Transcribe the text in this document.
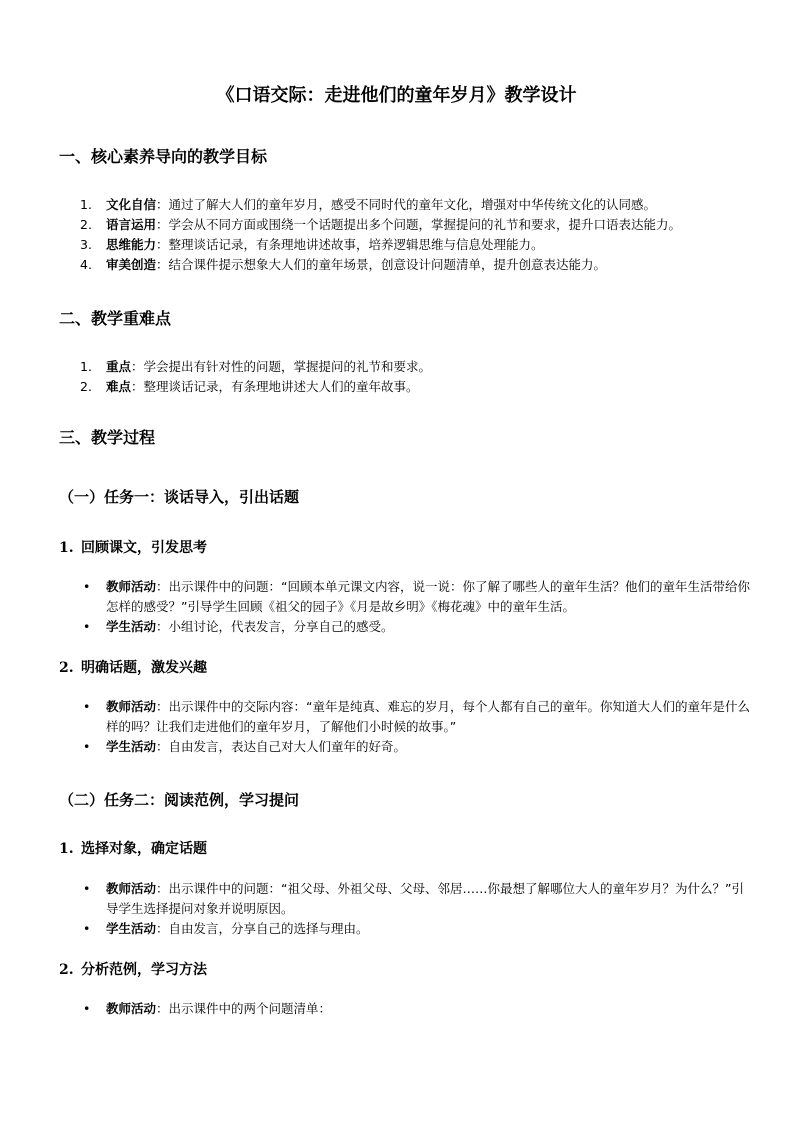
《口语交际：走进他们的童年岁月》教学设计
一、核心素养导向的教学目标
1.	文化自信：通过了解大人们的童年岁月，感受不同时代的童年文化，增强对中华传统文化的认同感。
2.	语言运用：学会从不同方面或围绕一个话题提出多个问题，掌握提问的礼节和要求，提升口语表达能力。
3.	思维能力：整理谈话记录，有条理地讲述故事，培养逻辑思维与信息处理能力。
4.	审美创造：结合课件提示想象大人们的童年场景，创意设计问题清单，提升创意表达能力。
二、教学重难点
1.	重点：学会提出有针对性的问题，掌握提问的礼节和要求。
2.	难点：整理谈话记录，有条理地讲述大人们的童年故事。
三、教学过程
（一）任务一：谈话导入，引出话题
1. 回顾课文，引发思考
• 教师活动：出示课件中的问题：“回顾本单元课文内容，说一说：你了解了哪些人的童年生活？他们的童年生活带给你怎样的感受？”引导学生回顾《祖父的园子》《月是故乡明》《梅花魂》中的童年生活。
• 学生活动：小组讨论，代表发言，分享自己的感受。
2. 明确话题，激发兴趣
• 教师活动：出示课件中的交际内容：“童年是纯真、难忘的岁月，每个人都有自己的童年。你知道大人们的童年是什么样的吗？让我们走进他们的童年岁月，了解他们小时候的故事。”
• 学生活动：自由发言，表达自己对大人们童年的好奇。
（二）任务二：阅读范例，学习提问
1. 选择对象，确定话题
• 教师活动：出示课件中的问题：“祖父母、外祖父母、父母、邻居……你最想了解哪位大人的童年岁月？为什么？”引导学生选择提问对象并说明原因。
• 学生活动：自由发言，分享自己的选择与理由。
2. 分析范例，学习方法
• 教师活动：出示课件中的两个问题清单：
